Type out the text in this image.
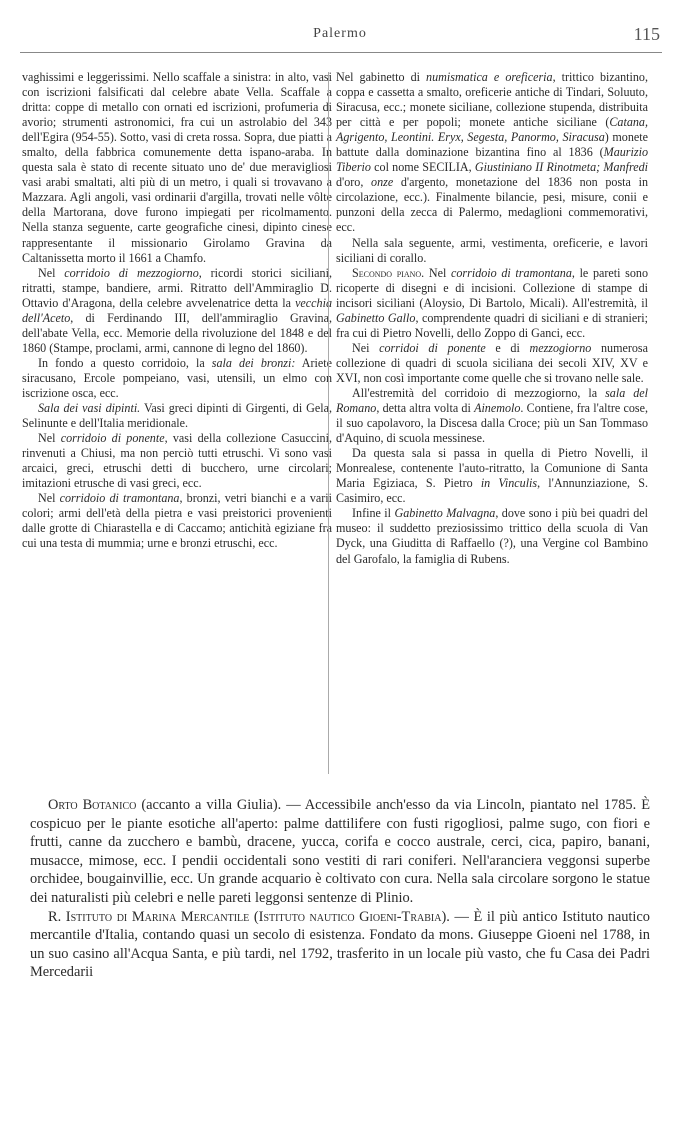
Palermo	115

vaghissimi e leggerissimi. Nello scaffale a sinistra: in alto, vasi con iscrizioni falsificati dal celebre abate Vella. Scaffale a dritta: coppe di metallo con ornati ed iscrizioni, profumeria di avorio; strumenti astronomici, fra cui un astrolabio del 343 dell'Egira (954-55). Sotto, vasi di creta rossa. Sopra, due piatti a smalto, della fabbrica comunemente detta ispano-araba. In questa sala è stato di recente situato uno de' due meravigliosi vasi arabi smaltati, alti più di un metro, i quali si trovavano a Mazzara. Agli angoli, vasi ordinarii d'argilla, trovati nelle vôlte della Martorana, dove furono impiegati per ricolmamento. Nella stanza seguente, carte geografiche cinesi, dipinto cinese rappresentante il missionario Girolamo Gravina da Caltanissetta morto il 1661 a Chamfo.

Nel corridoio di mezzogiorno, ricordi storici siciliani, ritratti, stampe, bandiere, armi. Ritratto dell'Ammiraglio D. Ottavio d'Aragona, della celebre avvelenatrice detta la vecchia dell'Aceto, di Ferdinando III, dell'ammiraglio Gravina, dell'abate Vella, ecc. Memorie della rivoluzione del 1848 e del 1860 (Stampe, proclami, armi, cannone di legno del 1860).

In fondo a questo corridoio, la sala dei bronzi: Ariete siracusano, Ercole pompeiano, vasi, utensili, un elmo con iscrizione osca, ecc.

Sala dei vasi dipinti. Vasi greci dipinti di Girgenti, di Gela, Selinunte e dell'Italia meridionale.

Nel corridoio di ponente, vasi della collezione Casuccini, rinvenuti a Chiusi, ma non perciò tutti etruschi. Vi sono vasi arcaici, greci, etruschi detti di bucchero, urne circolari; imitazioni etrusche di vasi greci, ecc.

Nel corridoio di tramontana, bronzi, vetri bianchi e a varii colori; armi dell'età della pietra e vasi preistorici provenienti dalle grotte di Chiarastella e di Caccamo; antichità egiziane fra cui una testa di mummia; urne e bronzi etruschi, ecc.

Nel gabinetto di numismatica e oreficeria, trittico bizantino, coppa e cassetta a smalto, oreficerie antiche di Tindari, Soluuto, Siracusa, ecc.; monete siciliane, collezione stupenda, distribuita per città e per popoli; monete antiche siciliane (Catana, Agrigento, Leontini. Eryx, Segesta, Panormo, Siracusa) monete battute dalla dominazione bizantina fino al 1836 (Maurizio Tiberio col nome SECILIA, Giustiniano II Rinotmeta; Manfredi d'oro, onze d'argento, monetazione del 1836 non posta in circolazione, ecc.). Finalmente bilancie, pesi, misure, conii e punzoni della zecca di Palermo, medaglioni commemorativi, ecc.

Nella sala seguente, armi, vestimenta, oreficerie, e lavori siciliani di corallo.

Secondo piano. Nel corridoio di tramontana, le pareti sono ricoperte di disegni e di incisioni. Collezione di stampe di incisori siciliani (Aloysio, Di Bartolo, Micali). All'estremità, il Gabinetto Gallo, comprendente quadri di siciliani e di stranieri; fra cui di Pietro Novelli, dello Zoppo di Ganci, ecc.

Nei corridoi di ponente e di mezzogiorno numerosa collezione di quadri di scuola siciliana dei secoli XIV, XV e XVI, non così importante come quelle che si trovano nelle sale.

All'estremità del corridoio di mezzogiorno, la sala del Romano, detta altra volta di Ainemolo. Contiene, fra l'altre cose, il suo capolavoro, la Discesa dalla Croce; più un San Tommaso d'Aquino, di scuola messinese.

Da questa sala si passa in quella di Pietro Novelli, il Monrealese, contenente l'auto-ritratto, la Comunione di Santa Maria Egiziaca, S. Pietro in Vinculis, l'Annunziazione, S. Casimiro, ecc.

Infine il Gabinetto Malvagna, dove sono i più bei quadri del museo: il suddetto preziosissimo trittico della scuola di Van Dyck, una Giuditta di Raffaello (?), una Vergine col Bambino del Garofalo, la famiglia di Rubens.

Orto Botanico (accanto a villa Giulia). — Accessibile anch'esso da via Lincoln, piantato nel 1785. È cospicuo per le piante esotiche all'aperto: palme dattilifere con fusti rigogliosi, palme sugo, con fiori e frutti, canne da zucchero e bambù, dracene, yucca, corifa e cocco australe, cerci, cica, papiro, banani, musacce, mimose, ecc. I pendii occidentali sono vestiti di rari coniferi. Nell'aranciera veggonsi superbe orchidee, bougainvillie, ecc. Un grande acquario è coltivato con cura. Nella sala circolare sorgono le statue dei naturalisti più celebri e nelle pareti leggonsi sentenze di Plinio.

R. Istituto di Marina Mercantile (Istituto nautico Gioeni-Trabia). — È il più antico Istituto nautico mercantile d'Italia, contando quasi un secolo di esistenza. Fondato da mons. Giuseppe Gioeni nel 1788, in un suo casino all'Acqua Santa, e più tardi, nel 1792, trasferito in un locale più vasto, che fu Casa dei Padri Mercedarii
